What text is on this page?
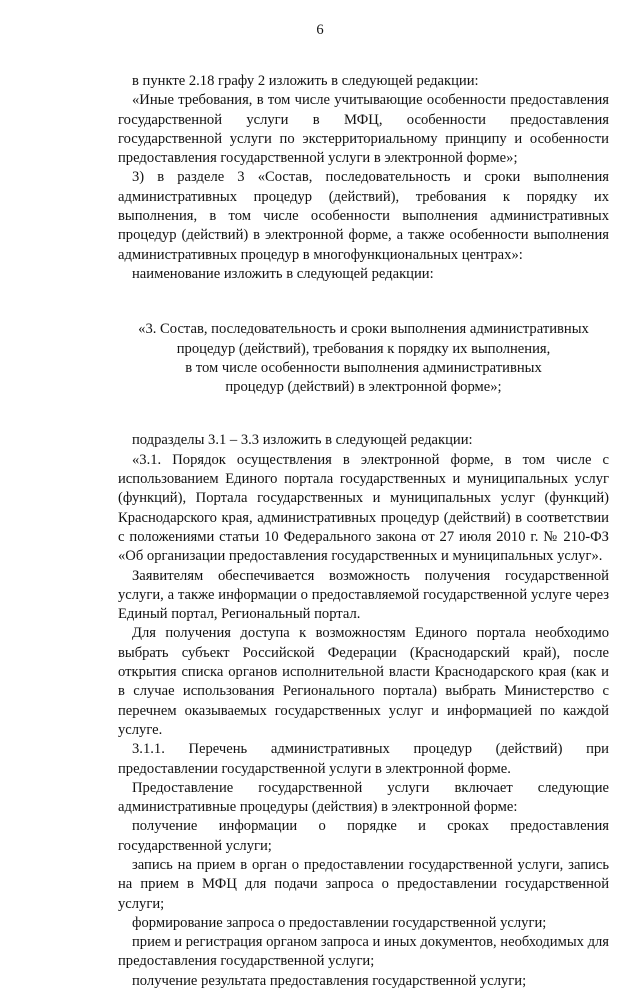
6

в пункте 2.18 графу 2 изложить в следующей редакции:

«Иные требования, в том числе учитывающие особенности предоставления государственной услуги в МФЦ, особенности предоставления государственной услуги по экстерриториальному принципу и особенности предоставления государственной услуги в электронной форме»;

3) в разделе 3 «Состав, последовательность и сроки выполнения административных процедур (действий), требования к порядку их выполнения, в том числе особенности выполнения административных процедур (действий) в электронной форме, а также особенности выполнения административных процедур в многофункциональных центрах»:

наименование изложить в следующей редакции:

«3. Состав, последовательность и сроки выполнения административных
процедур (действий), требования к порядку их выполнения,
в том числе особенности выполнения административных
процедур (действий) в электронной форме»;

подразделы 3.1 – 3.3 изложить в следующей редакции:

«3.1. Порядок осуществления в электронной форме, в том числе с использованием Единого портала государственных и муниципальных услуг (функций), Портала государственных и муниципальных услуг (функций) Краснодарского края, административных процедур (действий) в соответствии с положениями статьи 10 Федерального закона от 27 июля 2010 г. № 210-ФЗ «Об организации предоставления государственных и муниципальных услуг».

Заявителям обеспечивается возможность получения государственной услуги, а также информации о предоставляемой государственной услуге через Единый портал, Региональный портал.

Для получения доступа к возможностям Единого портала необходимо выбрать субъект Российской Федерации (Краснодарский край), после открытия списка органов исполнительной власти Краснодарского края (как и в случае использования Регионального портала) выбрать Министерство с перечнем оказываемых государственных услуг и информацией по каждой услуге.

3.1.1. Перечень административных процедур (действий) при предоставлении государственной услуги в электронной форме.

Предоставление государственной услуги включает следующие административные процедуры (действия) в электронной форме:

получение информации о порядке и сроках предоставления государственной услуги;

запись на прием в орган о предоставлении государственной услуги, запись на прием в МФЦ для подачи запроса о предоставлении государственной услуги;

формирование запроса о предоставлении государственной услуги;

прием и регистрация органом запроса и иных документов, необходимых для предоставления государственной услуги;

получение результата предоставления государственной услуги;
